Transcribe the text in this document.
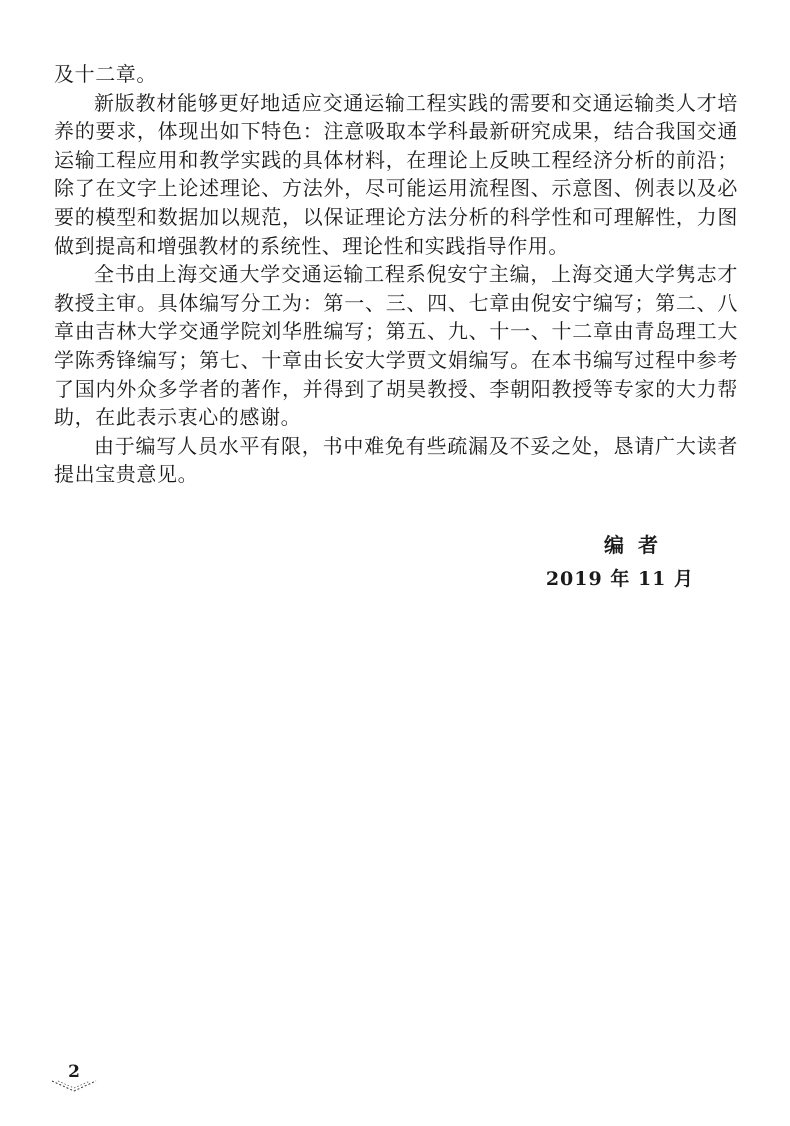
及十二章。

新版教材能够更好地适应交通运输工程实践的需要和交通运输类人才培养的要求，体现出如下特色：注意吸取本学科最新研究成果，结合我国交通运输工程应用和教学实践的具体材料，在理论上反映工程经济分析的前沿；除了在文字上论述理论、方法外，尽可能运用流程图、示意图、例表以及必要的模型和数据加以规范，以保证理论方法分析的科学性和可理解性，力图做到提高和增强教材的系统性、理论性和实践指导作用。

全书由上海交通大学交通运输工程系倪安宁主编，上海交通大学隽志才教授主审。具体编写分工为：第一、三、四、七章由倪安宁编写；第二、八章由吉林大学交通学院刘华胜编写；第五、九、十一、十二章由青岛理工大学陈秀锋编写；第七、十章由长安大学贾文娟编写。在本书编写过程中参考了国内外众多学者的著作，并得到了胡昊教授、李朝阳教授等专家的大力帮助，在此表示衷心的感谢。

由于编写人员水平有限，书中难免有些疏漏及不妥之处，恳请广大读者提出宝贵意见。

编者
2019 年 11 月
2
